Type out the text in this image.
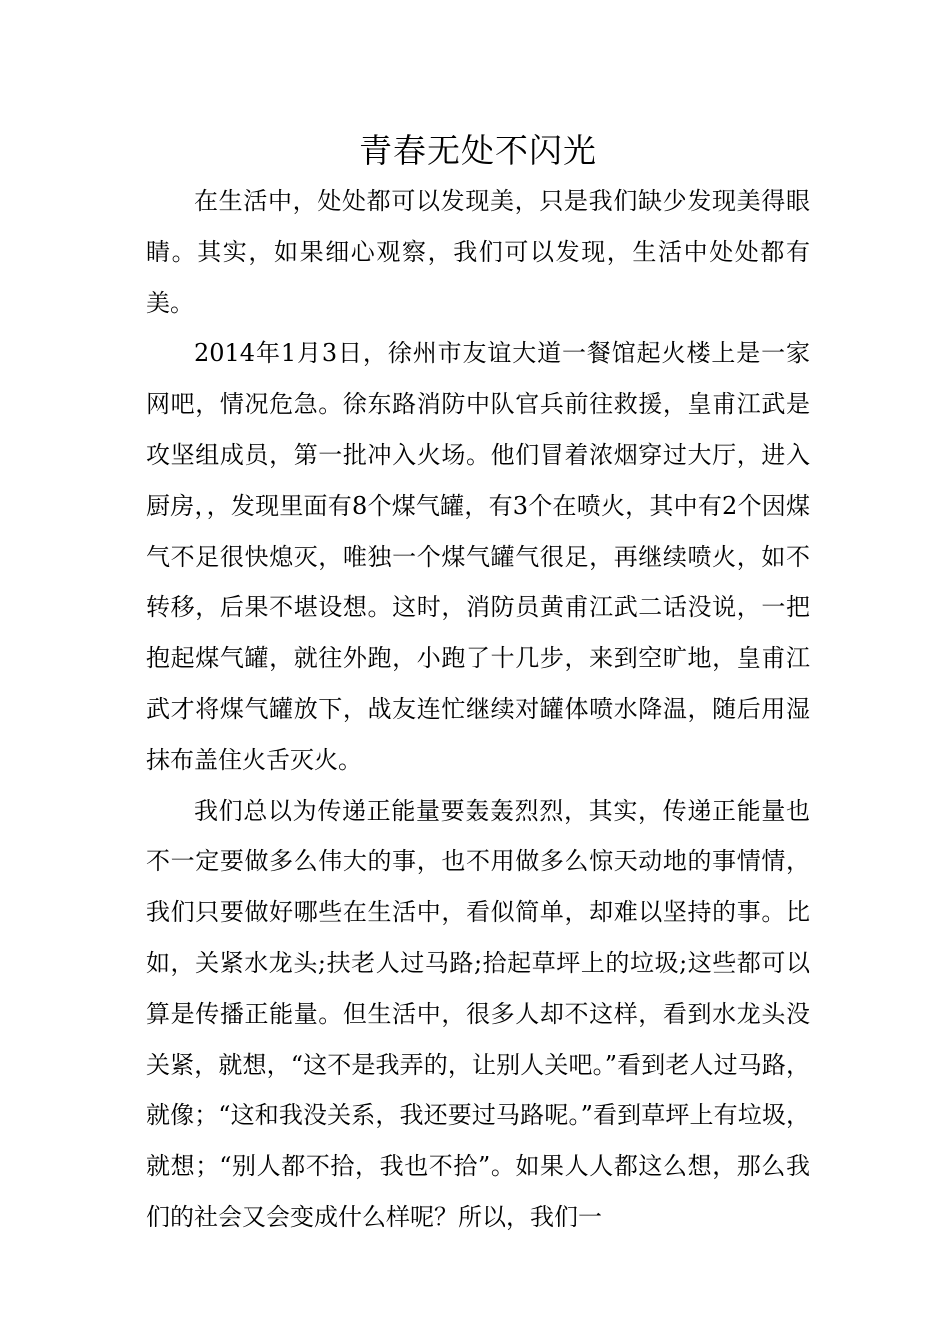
青春无处不闪光

在生活中，处处都可以发现美，只是我们缺少发现美得眼睛。其实，如果细心观察，我们可以发现，生活中处处都有美。

2014年1月3日，徐州市友谊大道一餐馆起火楼上是一家网吧，情况危急。徐东路消防中队官兵前往救援，皇甫江武是攻坚组成员，第一批冲入火场。他们冒着浓烟穿过大厅，进入厨房，，发现里面有8个煤气罐，有3个在喷火，其中有2个因煤气不足很快熄灭，唯独一个煤气罐气很足，再继续喷火，如不转移，后果不堪设想。这时，消防员黄甫江武二话没说，一把抱起煤气罐，就往外跑，小跑了十几步，来到空旷地，皇甫江武才将煤气罐放下，战友连忙继续对罐体喷水降温，随后用湿抹布盖住火舌灭火。

我们总以为传递正能量要轰轰烈烈，其实，传递正能量也不一定要做多么伟大的事，也不用做多么惊天动地的事情情，我们只要做好哪些在生活中，看似简单，却难以坚持的事。比如，关紧水龙头;扶老人过马路;拾起草坪上的垃圾;这些都可以算是传播正能量。但生活中，很多人却不这样，看到水龙头没关紧，就想，“这不是我弄的，让别人关吧。”看到老人过马路，就像；“这和我没关系，我还要过马路呢。”看到草坪上有垃圾，就想；“别人都不拾，我也不拾”。如果人人都这么想，那么我们的社会又会变成什么样呢？所以，我们一
